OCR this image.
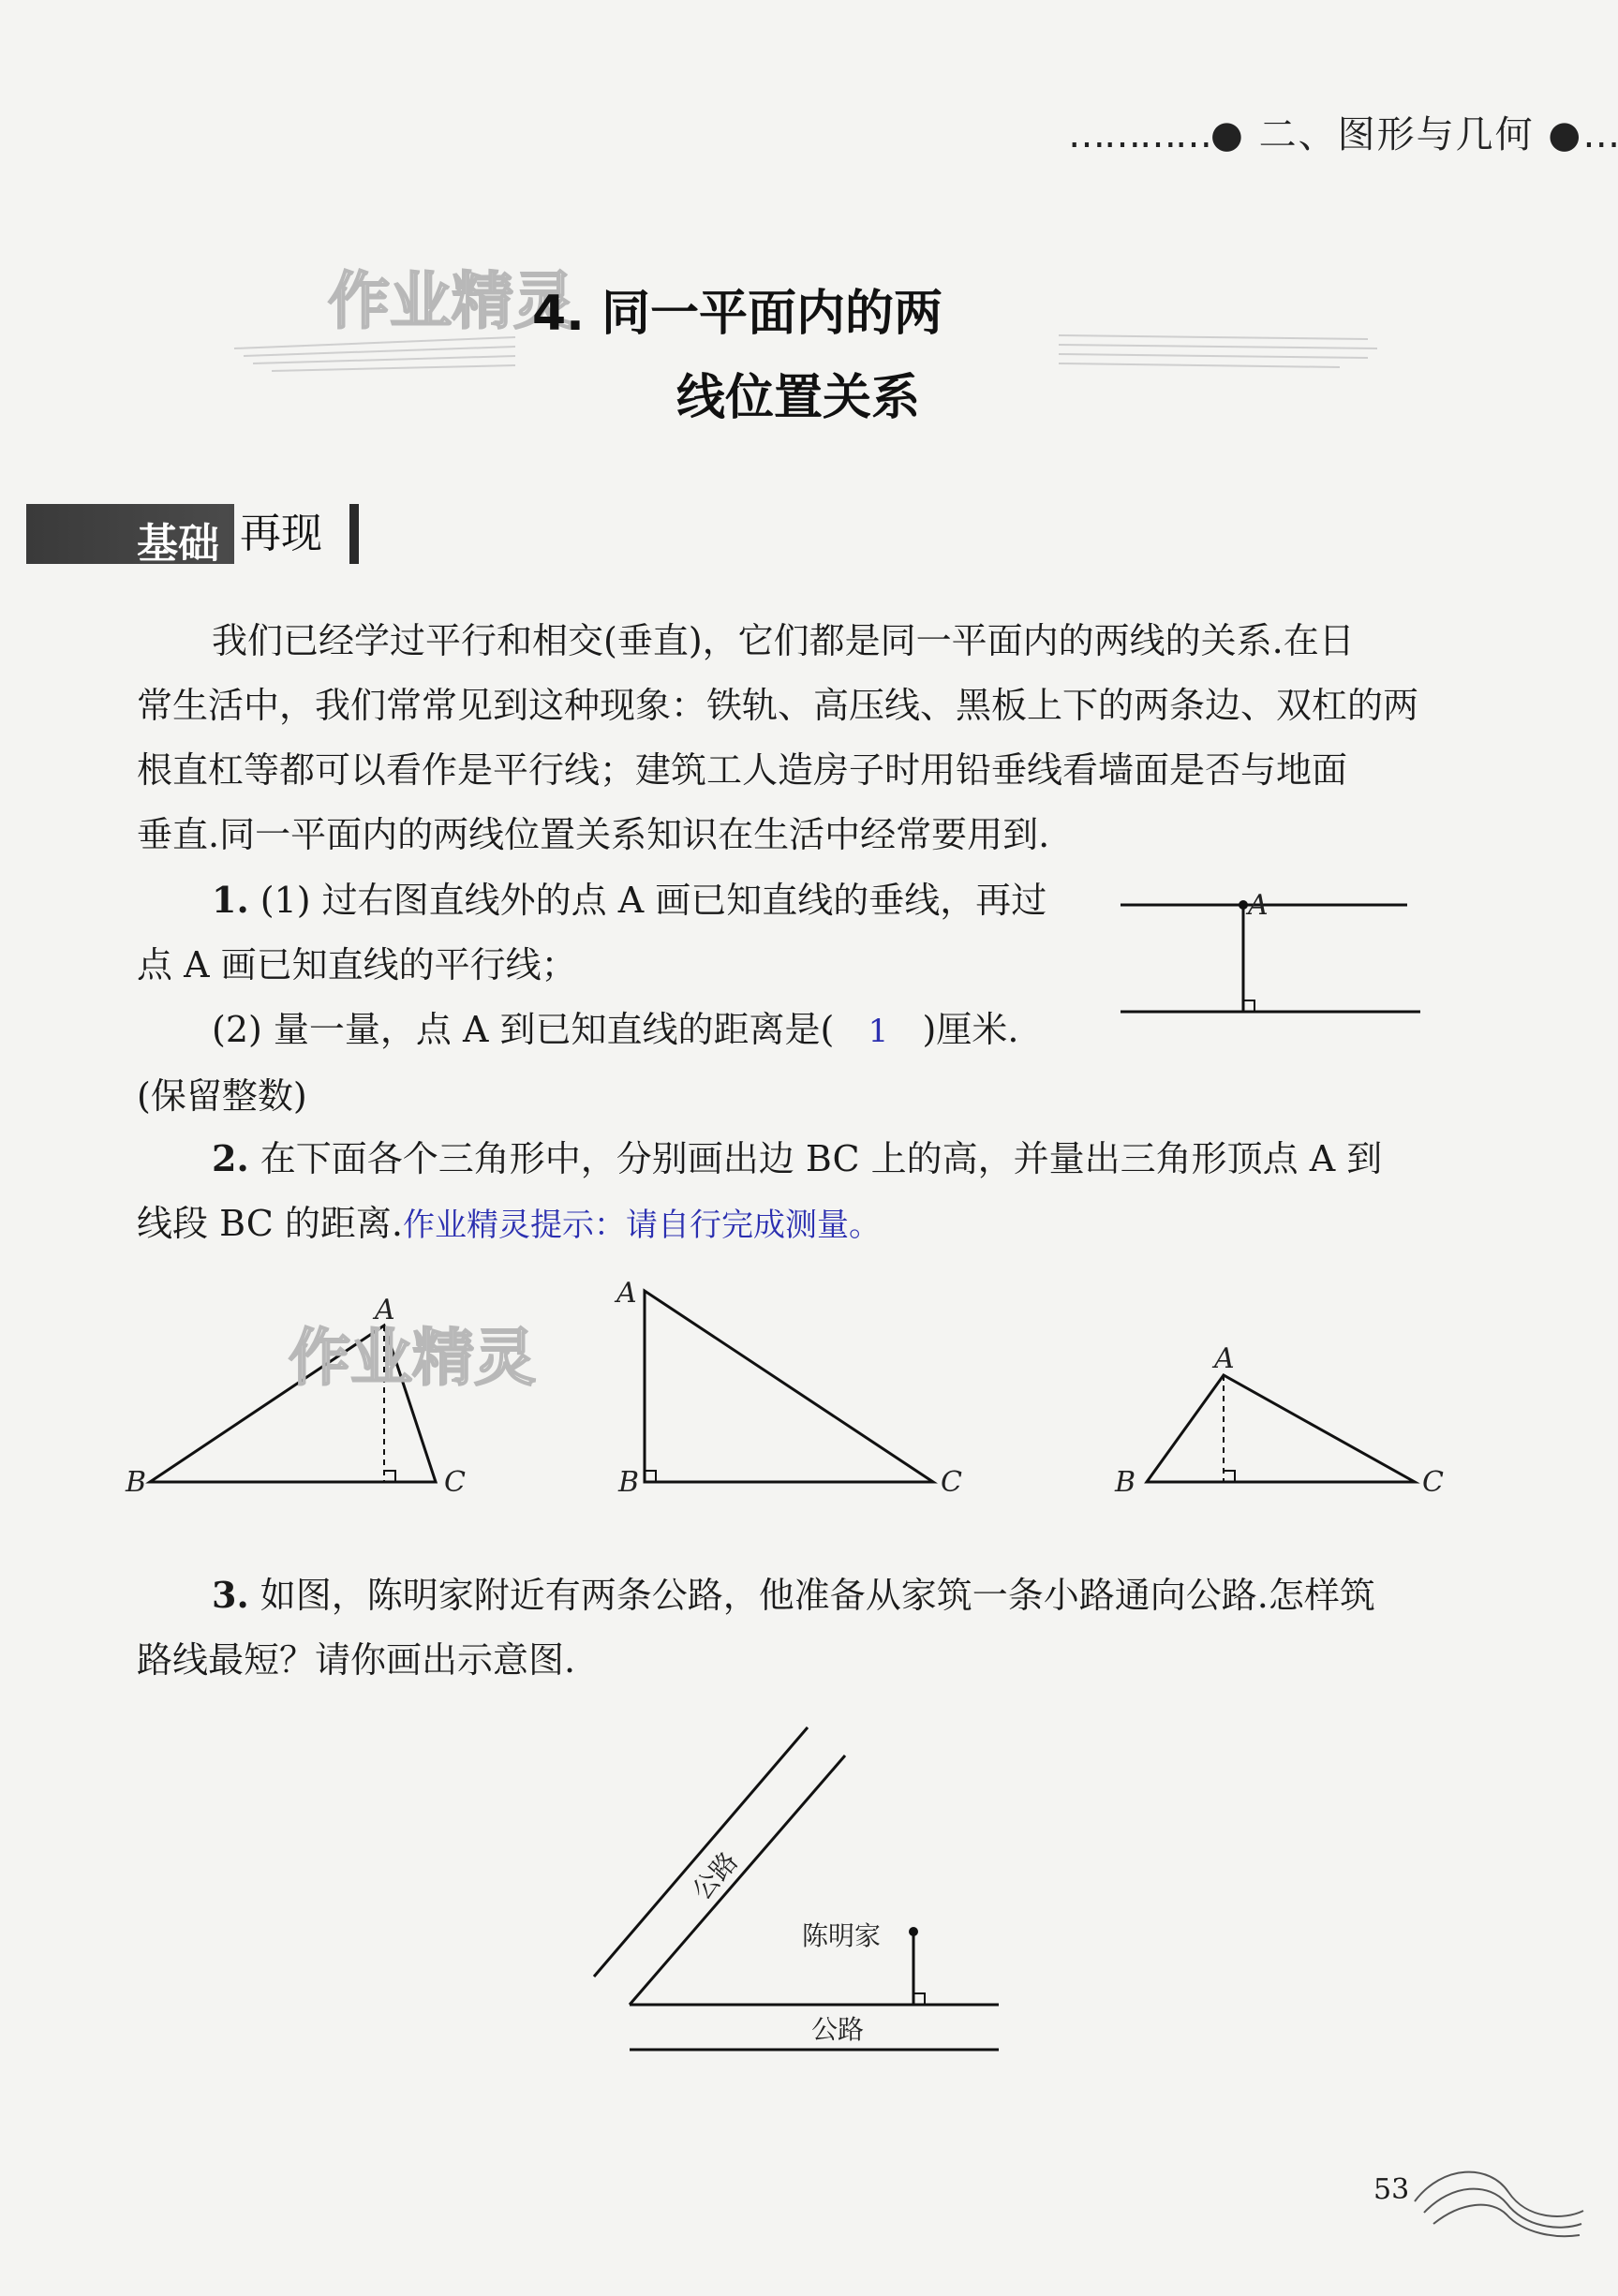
…………● 二、图形与几何 ●…
作业精灵
4. 同一平面内的两
线位置关系
基础 再现
我们已经学过平行和相交(垂直)，它们都是同一平面内的两线的关系.在日
常生活中，我们常常见到这种现象：铁轨、高压线、黑板上下的两条边、双杠的两
根直杠等都可以看作是平行线；建筑工人造房子时用铅垂线看墙面是否与地面
垂直.同一平面内的两线位置关系知识在生活中经常要用到.
1. (1) 过右图直线外的点 A 画已知直线的垂线，再过
点 A 画已知直线的平行线；
(2) 量一量，点 A 到已知直线的距离是( 1 )厘米.
(保留整数)
A
2. 在下面各个三角形中，分别画出边 BC 上的高，并量出三角形顶点 A 到
线段 BC 的距离.作业精灵提示：请自行完成测量。
A
B	C
A
B	C
A
B	C
作业精灵
3. 如图，陈明家附近有两条公路，他准备从家筑一条小路通向公路.怎样筑
路线最短？请你画出示意图.
陈明家
公路
公路
53
